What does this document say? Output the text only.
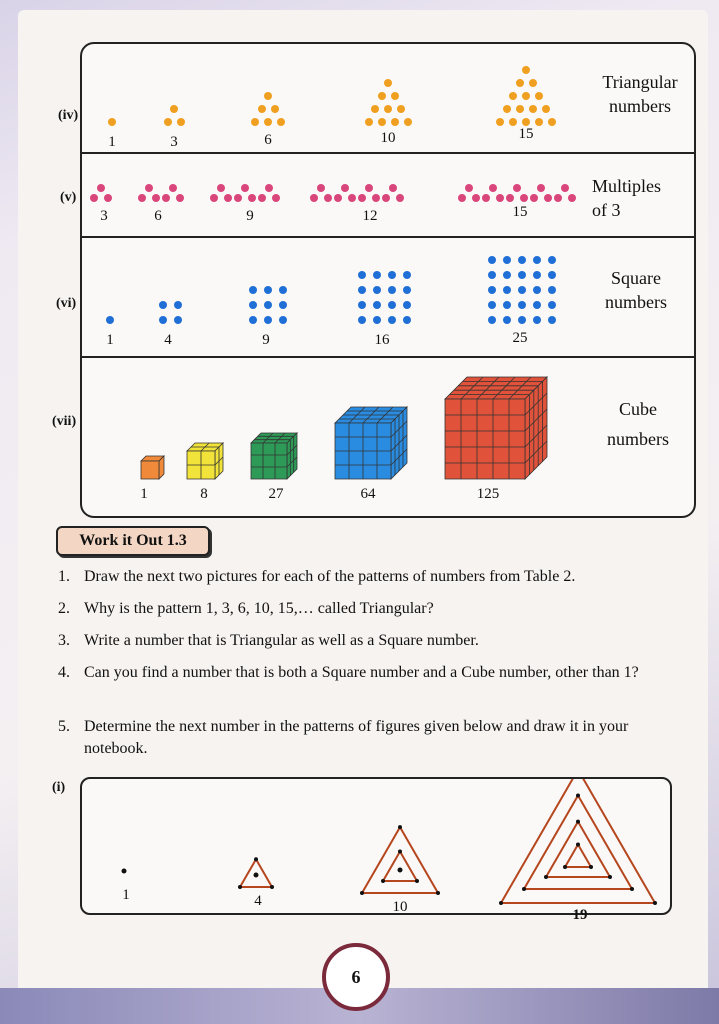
(iv)
1	3	6	10	15
Triangular
numbers
(v)
3	6	9	12	15
Multiples
of 3
(vi)
1	4	9	16	25
Square
numbers
(vii)
1	8	27	64	125
Cube
numbers
Work it Out 1.3
1. Draw the next two pictures for each of the patterns of numbers from Table 2.
2. Why is the pattern 1, 3, 6, 10, 15,… called Triangular?
3. Write a number that is Triangular as well as a Square number.
4. Can you find a number that is both a Square number and a Cube number, other than 1?
5. Determine the next number in the patterns of figures given below and draw it in your notebook.
(i)
1	4	10	19
6
